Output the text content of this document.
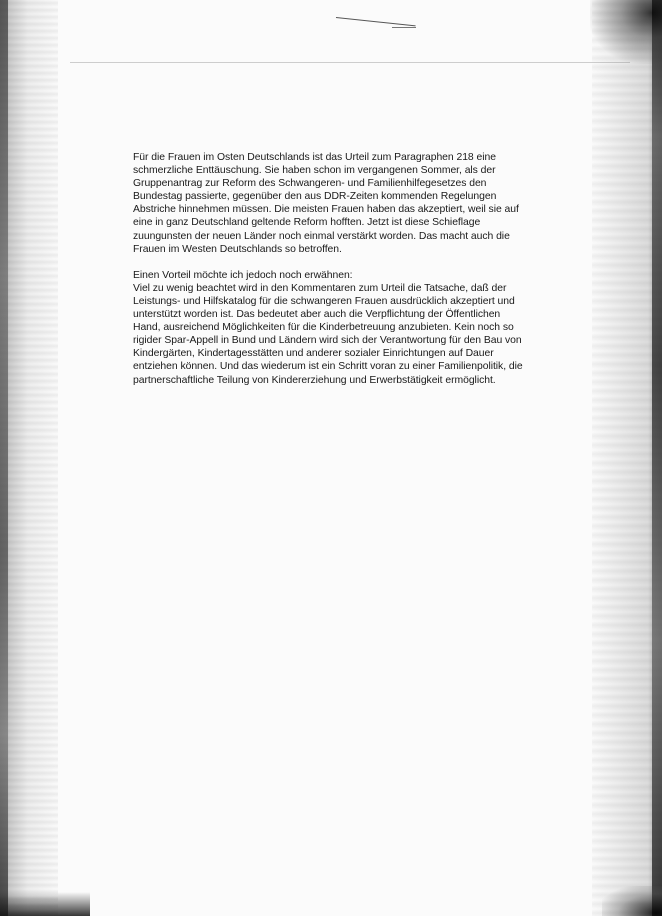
Für die Frauen im Osten Deutschlands ist das Urteil zum Paragraphen 218 eine
schmerzliche Enttäuschung. Sie haben schon im vergangenen Sommer, als der
Gruppenantrag zur Reform des Schwangeren- und Familienhilfegesetzes den
Bundestag passierte, gegenüber den aus DDR-Zeiten kommenden Regelungen
Abstriche hinnehmen müssen. Die meisten Frauen haben das akzeptiert, weil sie auf
eine in ganz Deutschland geltende Reform hofften. Jetzt ist diese Schieflage
zuungunsten der neuen Länder noch einmal verstärkt worden. Das macht auch die
Frauen im Westen Deutschlands so betroffen.
Einen Vorteil möchte ich jedoch noch erwähnen:
Viel zu wenig beachtet wird in den Kommentaren zum Urteil die Tatsache, daß der
Leistungs- und Hilfskatalog für die schwangeren Frauen ausdrücklich akzeptiert und
unterstützt worden ist. Das bedeutet aber auch die Verpflichtung der Öffentlichen
Hand, ausreichend Möglichkeiten für die Kinderbetreuung anzubieten. Kein noch so
rigider Spar-Appell in Bund und Ländern wird sich der Verantwortung für den Bau von
Kindergärten, Kindertagesstätten und anderer sozialer Einrichtungen auf Dauer
entziehen können. Und das wiederum ist ein Schritt voran zu einer Familienpolitik, die
partnerschaftliche Teilung von Kindererziehung und Erwerbstätigkeit ermöglicht.
